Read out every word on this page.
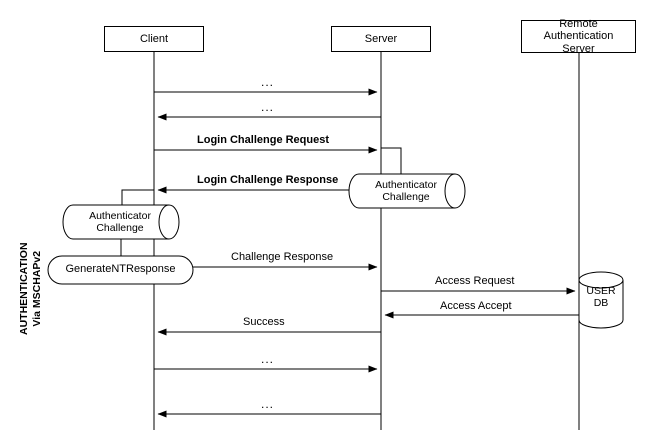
Client	Server
Remote Authentication Server
AUTHENTICATION Via MSCHAPv2
...
...
Login Challenge Request
Login Challenge Response
Challenge Response
Access Request
Access Accept
Success
...
...
Authenticator
Challenge
Authenticator
Challenge
GenerateNTResponse
USER
DB
